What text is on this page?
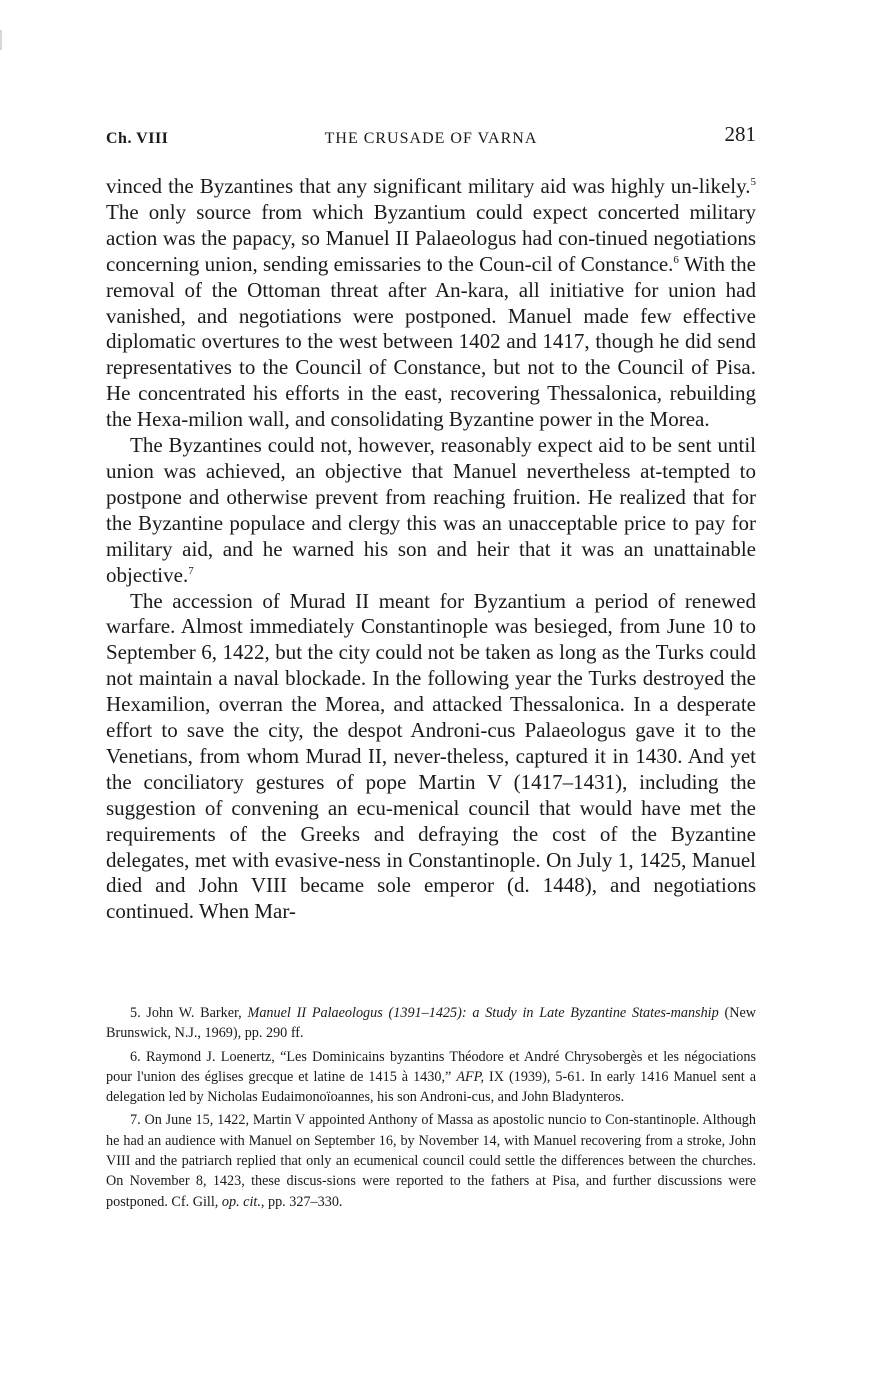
Ch. VIII	THE CRUSADE OF VARNA	281

vinced the Byzantines that any significant military aid was highly un-likely.$^5$ The only source from which Byzantium could expect concerted military action was the papacy, so Manuel II Palaeologus had con-tinued negotiations concerning union, sending emissaries to the Coun-cil of Constance.$^6$ With the removal of the Ottoman threat after An-kara, all initiative for union had vanished, and negotiations were postponed. Manuel made few effective diplomatic overtures to the west between 1402 and 1417, though he did send representatives to the Council of Constance, but not to the Council of Pisa. He concentrated his efforts in the east, recovering Thessalonica, rebuilding the Hexa-milion wall, and consolidating Byzantine power in the Morea.

The Byzantines could not, however, reasonably expect aid to be sent until union was achieved, an objective that Manuel nevertheless at-tempted to postpone and otherwise prevent from reaching fruition. He realized that for the Byzantine populace and clergy this was an unacceptable price to pay for military aid, and he warned his son and heir that it was an unattainable objective.$^7$

The accession of Murad II meant for Byzantium a period of renewed warfare. Almost immediately Constantinople was besieged, from June 10 to September 6, 1422, but the city could not be taken as long as the Turks could not maintain a naval blockade. In the following year the Turks destroyed the Hexamilion, overran the Morea, and attacked Thessalonica. In a desperate effort to save the city, the despot Androni-cus Palaeologus gave it to the Venetians, from whom Murad II, never-theless, captured it in 1430. And yet the conciliatory gestures of pope Martin V (1417–1431), including the suggestion of convening an ecu-menical council that would have met the requirements of the Greeks and defraying the cost of the Byzantine delegates, met with evasive-ness in Constantinople. On July 1, 1425, Manuel died and John VIII became sole emperor (d. 1448), and negotiations continued. When Mar-

5. John W. Barker, Manuel II Palaeologus (1391–1425): a Study in Late Byzantine States-manship (New Brunswick, N.J., 1969), pp. 290 ff.

6. Raymond J. Loenertz, “Les Dominicains byzantins Théodore et André Chrysobergès et les négociations pour l'union des églises grecque et latine de 1415 à 1430,” AFP, IX (1939), 5-61. In early 1416 Manuel sent a delegation led by Nicholas Eudaimonoïoannes, his son Androni-cus, and John Bladynteros.

7. On June 15, 1422, Martin V appointed Anthony of Massa as apostolic nuncio to Con-stantinople. Although he had an audience with Manuel on September 16, by November 14, with Manuel recovering from a stroke, John VIII and the patriarch replied that only an ecumenical council could settle the differences between the churches. On November 8, 1423, these discus-sions were reported to the fathers at Pisa, and further discussions were postponed. Cf. Gill, op. cit., pp. 327–330.
